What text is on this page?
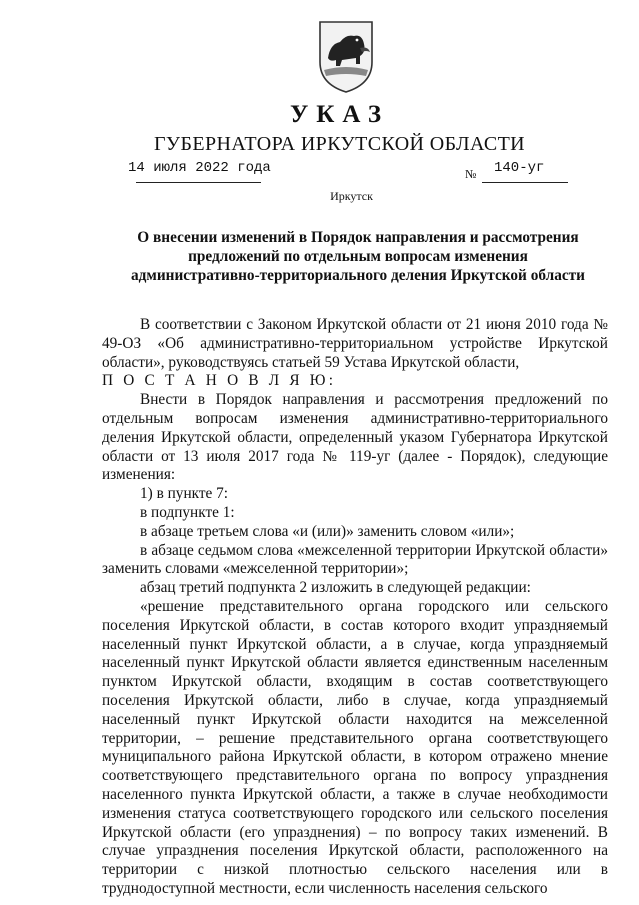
УКАЗ
ГУБЕРНАТОРА ИРКУТСКОЙ ОБЛАСТИ
14 июля 2022 года	№ 140-уг
Иркутск
О внесении изменений в Порядок направления и рассмотрения
предложений по отдельным вопросам изменения
административно-территориального деления Иркутской области

В соответствии с Законом Иркутской области от 21 июня 2010 года № 49-ОЗ «Об административно-территориальном устройстве Иркутской области», руководствуясь статьей 59 Устава Иркутской области,

П О С Т А Н О В Л Я Ю:

Внести в Порядок направления и рассмотрения предложений по отдельным вопросам изменения административно-территориального деления Иркутской области, определенный указом Губернатора Иркутской области от 13 июля 2017 года № 119-уг (далее - Порядок), следующие изменения:

1) в пункте 7:

в подпункте 1:

в абзаце третьем слова «и (или)» заменить словом «или»;

в абзаце седьмом слова «межселенной территории Иркутской области» заменить словами «межселенной территории»;

абзац третий подпункта 2 изложить в следующей редакции:

«решение представительного органа городского или сельского поселения Иркутской области, в состав которого входит упраздняемый населенный пункт Иркутской области, а в случае, когда упраздняемый населенный пункт Иркутской области является единственным населенным пунктом Иркутской области, входящим в состав соответствующего поселения Иркутской области, либо в случае, когда упраздняемый населенный пункт Иркутской области находится на межселенной территории, – решение представительного органа соответствующего муниципального района Иркутской области, в котором отражено мнение соответствующего представительного органа по вопросу упразднения населенного пункта Иркутской области, а также в случае необходимости изменения статуса соответствующего городского или сельского поселения Иркутской области (его упразднения) – по вопросу таких изменений. В случае упразднения поселения Иркутской области, расположенного на территории с низкой плотностью сельского населения или в труднодоступной местности, если численность населения сельского
